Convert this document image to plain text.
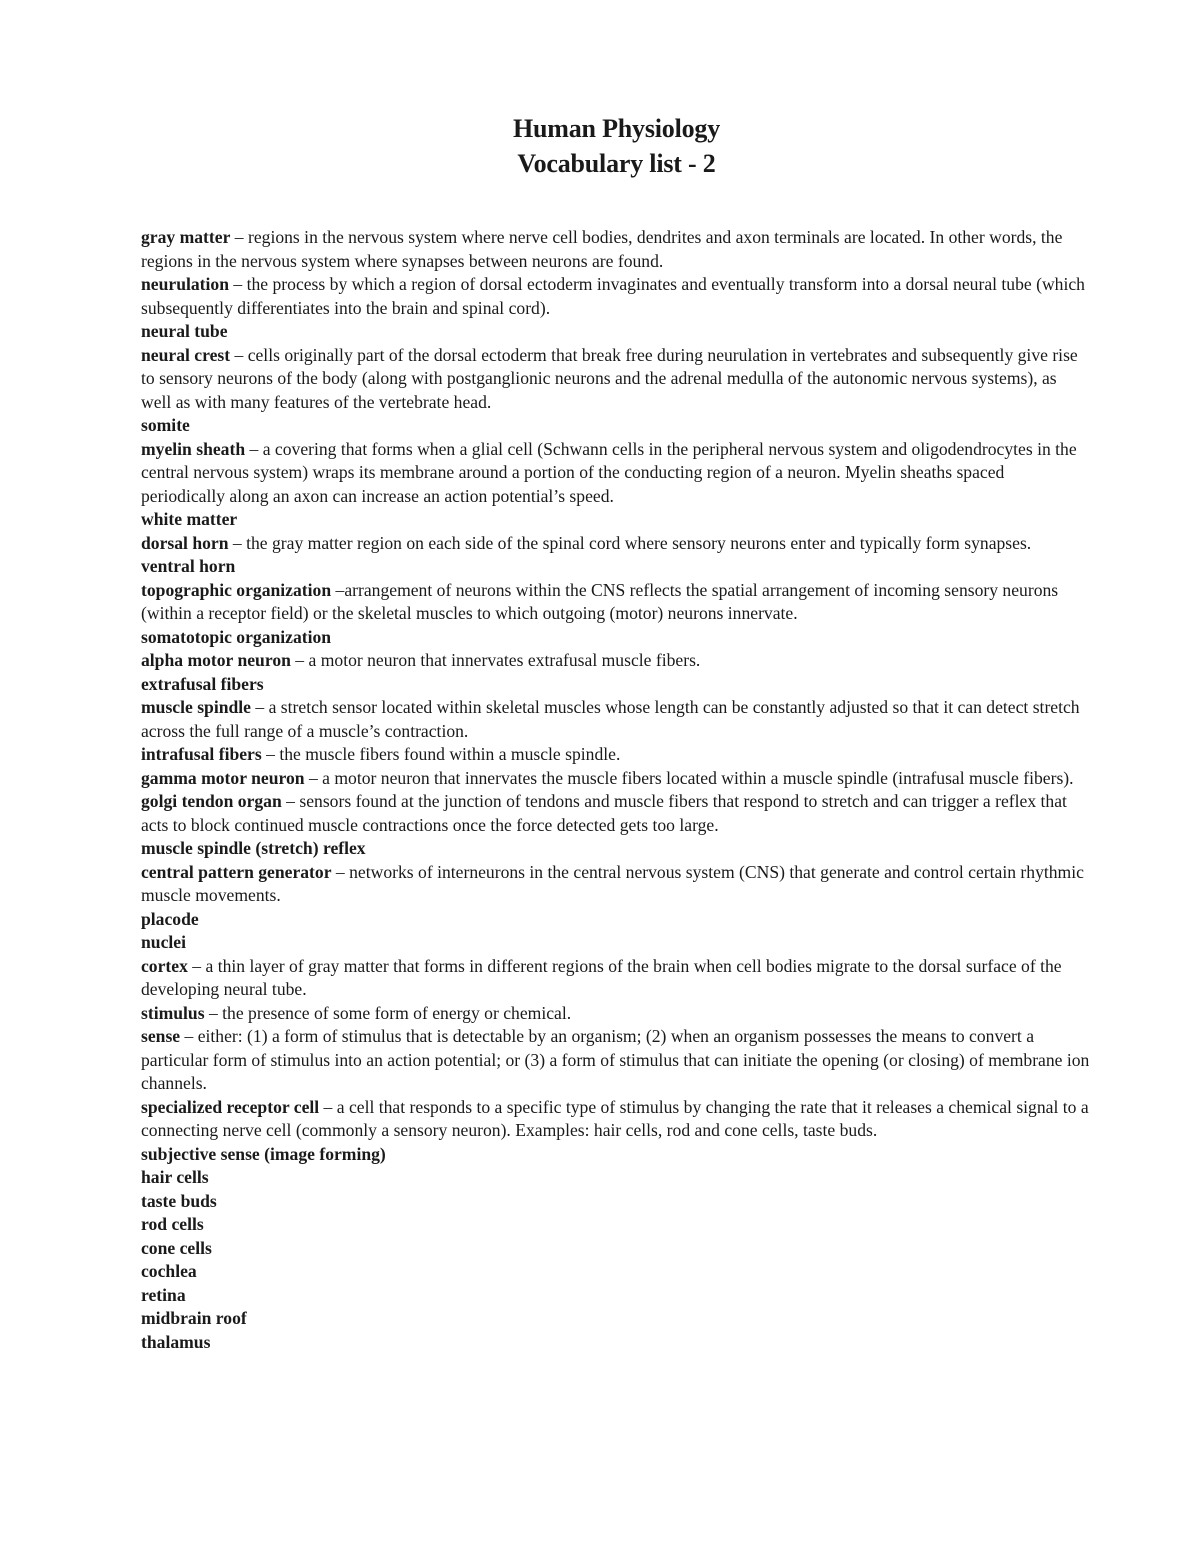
Human Physiology
Vocabulary list - 2
gray matter – regions in the nervous system where nerve cell bodies, dendrites and axon terminals are located. In other words, the regions in the nervous system where synapses between neurons are found.
neurulation – the process by which a region of dorsal ectoderm invaginates and eventually transform into a dorsal neural tube (which subsequently differentiates into the brain and spinal cord).
neural tube
neural crest – cells originally part of the dorsal ectoderm that break free during neurulation in vertebrates and subsequently give rise to sensory neurons of the body (along with postganglionic neurons and the adrenal medulla of the autonomic nervous systems), as well as with many features of the vertebrate head.
somite
myelin sheath – a covering that forms when a glial cell (Schwann cells in the peripheral nervous system and oligodendrocytes in the central nervous system) wraps its membrane around a portion of the conducting region of a neuron. Myelin sheaths spaced periodically along an axon can increase an action potential’s speed.
white matter
dorsal horn – the gray matter region on each side of the spinal cord where sensory neurons enter and typically form synapses.
ventral horn
topographic organization –arrangement of neurons within the CNS reflects the spatial arrangement of incoming sensory neurons (within a receptor field) or the skeletal muscles to which outgoing (motor) neurons innervate.
somatotopic organization
alpha motor neuron – a motor neuron that innervates extrafusal muscle fibers.
extrafusal fibers
muscle spindle – a stretch sensor located within skeletal muscles whose length can be constantly adjusted so that it can detect stretch across the full range of a muscle’s contraction.
intrafusal fibers – the muscle fibers found within a muscle spindle.
gamma motor neuron – a motor neuron that innervates the muscle fibers located within a muscle spindle (intrafusal muscle fibers).
golgi tendon organ – sensors found at the junction of tendons and muscle fibers that respond to stretch and can trigger a reflex that acts to block continued muscle contractions once the force detected gets too large.
muscle spindle (stretch) reflex
central pattern generator – networks of interneurons in the central nervous system (CNS) that generate and control certain rhythmic muscle movements.
placode
nuclei
cortex – a thin layer of gray matter that forms in different regions of the brain when cell bodies migrate to the dorsal surface of the developing neural tube.
stimulus – the presence of some form of energy or chemical.
sense – either: (1) a form of stimulus that is detectable by an organism; (2) when an organism possesses the means to convert a particular form of stimulus into an action potential; or (3) a form of stimulus that can initiate the opening (or closing) of membrane ion channels.
specialized receptor cell – a cell that responds to a specific type of stimulus by changing the rate that it releases a chemical signal to a connecting nerve cell (commonly a sensory neuron). Examples: hair cells, rod and cone cells, taste buds.
subjective sense (image forming)
hair cells
taste buds
rod cells
cone cells
cochlea
retina
midbrain roof
thalamus
